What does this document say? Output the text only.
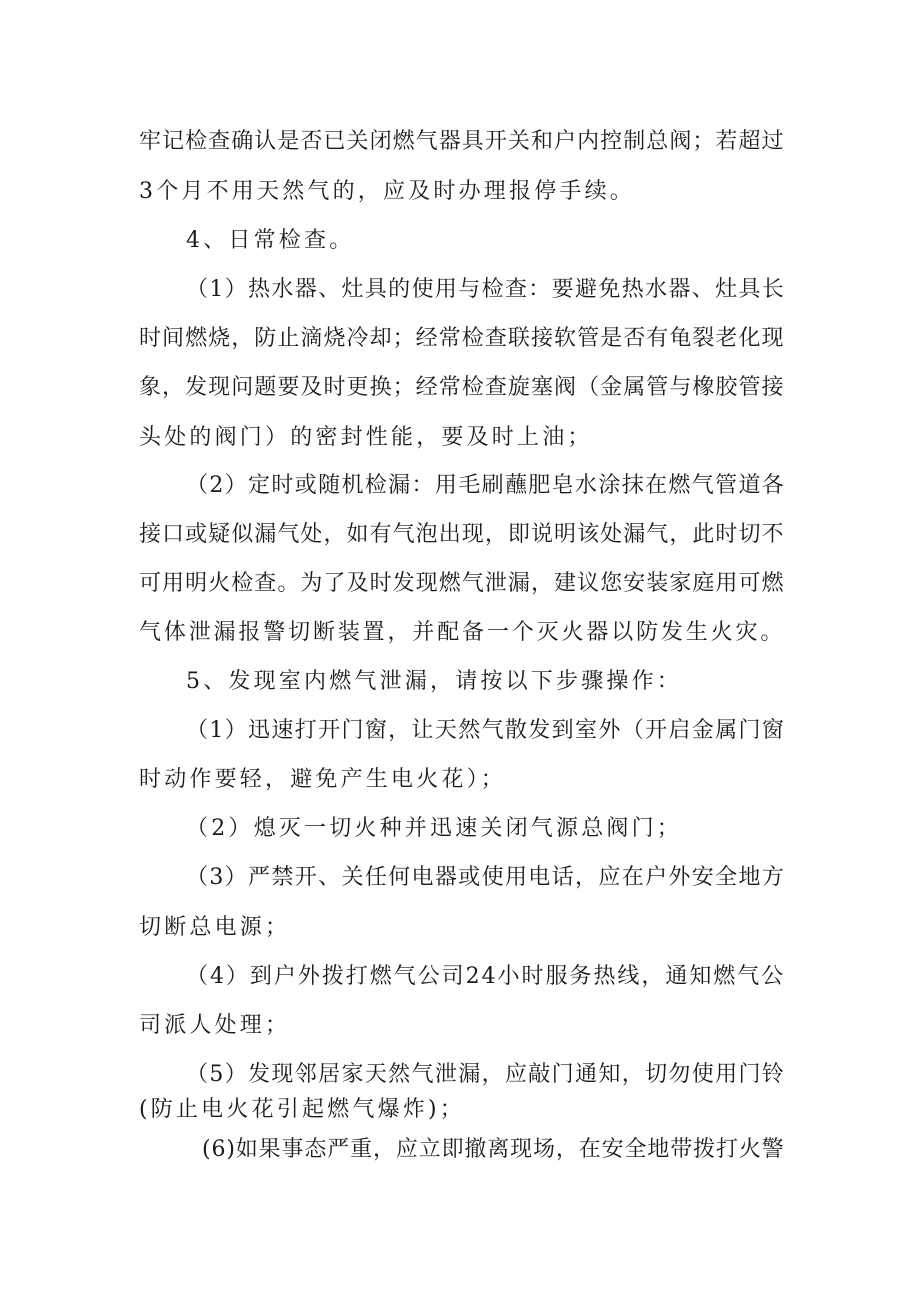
牢记检查确认是否已关闭燃气器具开关和户内控制总阀；若超过
3个月不用天然气的，应及时办理报停手续。
4、日常检查。
（1）热水器、灶具的使用与检查：要避免热水器、灶具长
时间燃烧，防止滴烧冷却；经常检查联接软管是否有龟裂老化现
象，发现问题要及时更换；经常检查旋塞阀（金属管与橡胶管接
头处的阀门）的密封性能，要及时上油；
（2）定时或随机检漏：用毛刷蘸肥皂水涂抹在燃气管道各
接口或疑似漏气处，如有气泡出现，即说明该处漏气，此时切不
可用明火检查。为了及时发现燃气泄漏，建议您安装家庭用可燃
气体泄漏报警切断装置，并配备一个灭火器以防发生火灾。
5、发现室内燃气泄漏，请按以下步骤操作：
（1）迅速打开门窗，让天然气散发到室外（开启金属门窗
时动作要轻，避免产生电火花）；
（2）熄灭一切火种并迅速关闭气源总阀门；
（3）严禁开、关任何电器或使用电话，应在户外安全地方
切断总电源；
（4）到户外拨打燃气公司24小时服务热线，通知燃气公
司派人处理；
（5）发现邻居家天然气泄漏，应敲门通知，切勿使用门铃
(防止电火花引起燃气爆炸)；
(6)如果事态严重，应立即撤离现场，在安全地带拨打火警
